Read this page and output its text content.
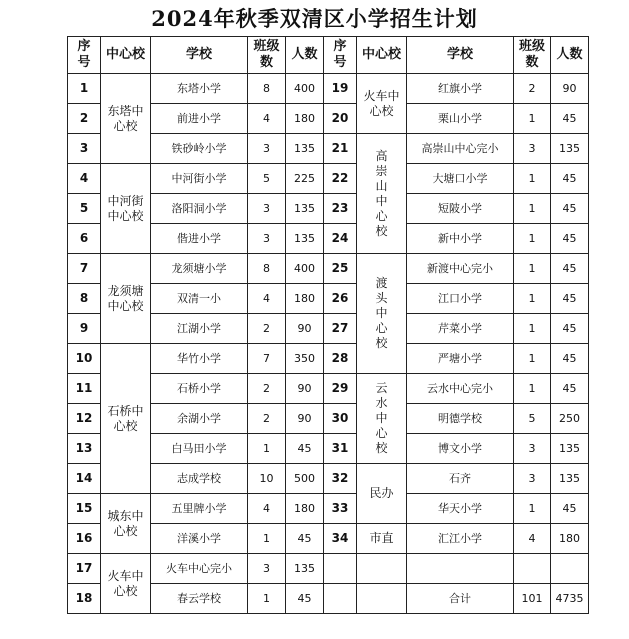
2024年秋季双清区小学招生计划
序号	中心校	学校	班级数	人数	序号	中心校	学校	班级数	人数
1	东塔中心校	东塔小学	8	400	19	火车中心校	红旗小学	2	90
2		前进小学	4	180	20		栗山小学	1	45
3		铁砂岭小学	3	135	21	高崇山中心校	高崇山中心完小	3	135
4	中河街中心校	中河街小学	5	225	22		大塘口小学	1	45
5		洛阳洞小学	3	135	23		短陂小学	1	45
6		偕进小学	3	135	24		新中小学	1	45
7	龙须塘中心校	龙须塘小学	8	400	25	渡头中心校	新渡中心完小	1	45
8		双清一小	4	180	26		江口小学	1	45
9		江湖小学	2	90	27		芹菜小学	1	45
10	石桥中心校	华竹小学	7	350	28		严塘小学	1	45
11		石桥小学	2	90	29	云水中心校	云水中心完小	1	45
12		余湖小学	2	90	30		明德学校	5	250
13		白马田小学	1	45	31		博文小学	3	135
14		志成学校	10	500	32	民办	石齐	3	135
15	城东中心校	五里牌小学	4	180	33		华天小学	1	45
16		洋溪小学	1	45	34	市直	汇江小学	4	180
17	火车中心校	火车中心完小	3	135					
18		春云学校	1	45			合计	101	4735
